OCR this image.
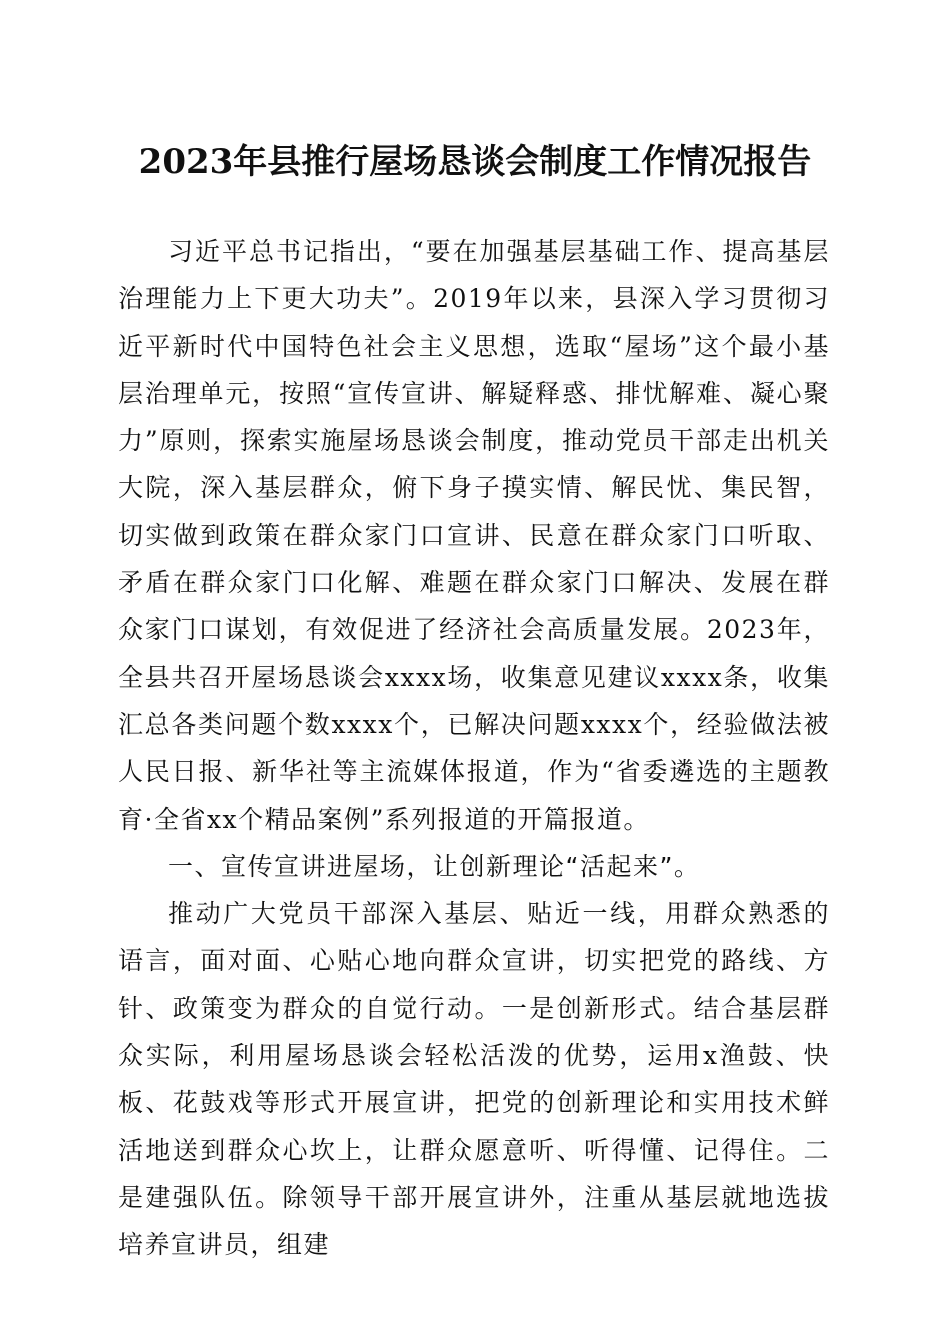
2023年县推行屋场恳谈会制度工作情况报告

习近平总书记指出，“要在加强基层基础工作、提高基层治理能力上下更大功夫”。2019年以来，县深入学习贯彻习近平新时代中国特色社会主义思想，选取“屋场”这个最小基层治理单元，按照“宣传宣讲、解疑释惑、排忧解难、凝心聚力”原则，探索实施屋场恳谈会制度，推动党员干部走出机关大院，深入基层群众，俯下身子摸实情、解民忧、集民智，切实做到政策在群众家门口宣讲、民意在群众家门口听取、矛盾在群众家门口化解、难题在群众家门口解决、发展在群众家门口谋划，有效促进了经济社会高质量发展。2023年，全县共召开屋场恳谈会xxxx场，收集意见建议xxxx条，收集汇总各类问题个数xxxx个，已解决问题xxxx个，经验做法被人民日报、新华社等主流媒体报道，作为“省委遴选的主题教育·全省xx个精品案例”系列报道的开篇报道。

一、宣传宣讲进屋场，让创新理论“活起来”。

推动广大党员干部深入基层、贴近一线，用群众熟悉的语言，面对面、心贴心地向群众宣讲，切实把党的路线、方针、政策变为群众的自觉行动。一是创新形式。结合基层群众实际，利用屋场恳谈会轻松活泼的优势，运用x渔鼓、快板、花鼓戏等形式开展宣讲，把党的创新理论和实用技术鲜活地送到群众心坎上，让群众愿意听、听得懂、记得住。二是建强队伍。除领导干部开展宣讲外，注重从基层就地选拔培养宣讲员，组建
